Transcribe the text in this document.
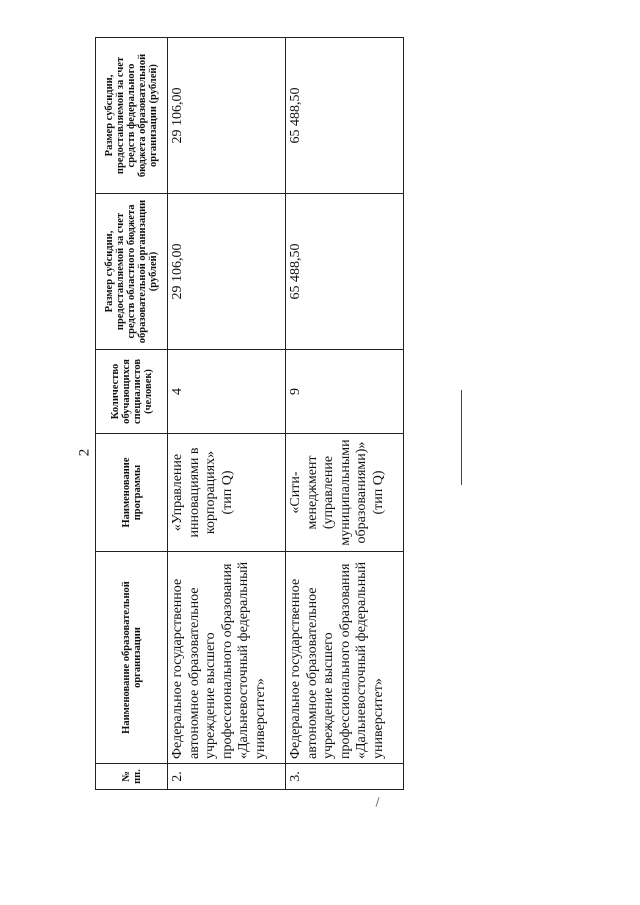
2
№ пп.	Наименование образовательной организации	Наименование программы	Количество обучающихся специалистов (человек)	Размер субсидии, предоставляемой за счет средств областного бюджета образовательной организации (рублей)	Размер субсидии, предоставляемой за счет средств федерального бюджета образовательной организации (рублей)
2.	Федеральное государственное автономное образовательное учреждение высшего профессионального образования «Дальневосточный федеральный университет»	«Управление инновациями в корпорациях» (тип Q)	4	29 106,00	29 106,00
3.	Федеральное государственное автономное образовательное учреждение высшего профессионального образования «Дальневосточный федеральный университет»	«Сити-менеджмент (управление муниципальными образованиями)» (тип Q)	9	65 488,50	65 488,50
